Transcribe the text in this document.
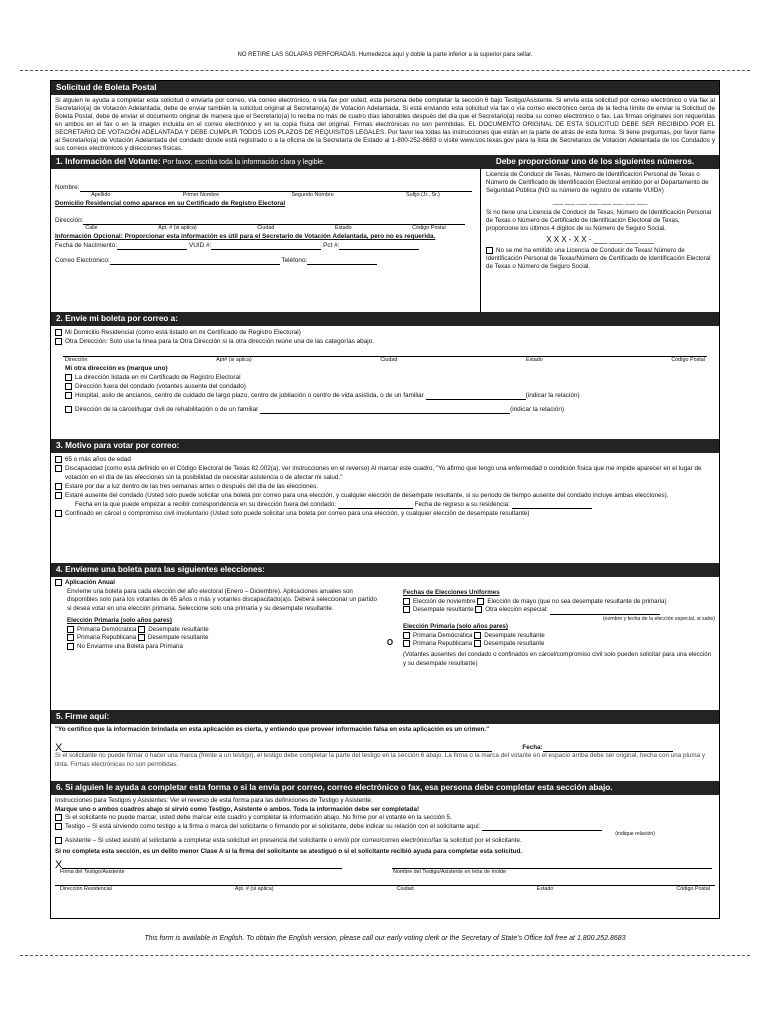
NO RETIRE LAS SOLAPAS PERFORADAS. Humedezca aquí y doble la parte inferior a la superior para sellar.
Solicitud de Boleta Postal
Si alguien le ayuda a completar esta solicitud o enviarla por correo, vía correo electrónico, o vía fax por usted, esta persona debe completar la sección 6 bajo Testigo/Asistente. Si envía esta solicitud por correo electrónico o vía fax al Secretario(a) de Votación Adelantada, debe de enviar también la solicitud original al Secretario(a) de Votación Adelantada. Si está enviando esta solicitud vía fax o vía correo electrónico cerca de la fecha límite de enviar la Solicitud de Boleta Postal, debe de enviar el documento original de manera que el Secretario(a) lo reciba no más de cuatro días laborables después del día que el Secretario(a) reciba su correo electrónico o fax. Las firmas originales son requeridas en ambos en el fax o en la imagen incluida en el correo electrónico y en la copia física del original. Firmas electrónicas no son permitidas. EL DOCUMENTO ORIGINAL DE ESTA SOLICITUD DEBE SER RECIBIDO POR EL SECRETARIO DE VOTACIÓN ADELANTADA Y DEBE CUMPLIR TODOS LOS PLAZOS DE REQUISITOS LEGALES. Por favor lea todas las instrucciones que están en la parte de atrás de esta forma. Si tiene preguntas, por favor llame al Secretario(a) de Votación Adelantada del condado donde está registrado o a la oficina de la Secretaría de Estado al 1-800-252-8683 o visite www.sos.texas.gov para la lista de Secretarios de Votación Adelantada de los Condados y sus correos electrónicos y direcciones físicas.
1. Información del Votante: Por favor, escriba toda la información clara y legible.	Debe proporcionar uno de los siguientes números.
Nombre:
Apellido	Primer Nombre	Segundo Nombre	Sufijo (Jr., Sr.)
Domicilio Residencial como aparece en su Certificado de Registro Electoral
Dirección:
Calle	Apt. # (si aplica)	Ciudad	Estado	Código Postal
Información Opcional: Proporcionar esta información es útil para el Secretario de Votación Adelantada, pero no es requerida.
Fecha de Nacimiento:	VUID #:	Pct #:
Correo Electrónico:	Teléfono:
Licencia de Conducir de Texas, Número de Identificación Personal de Texas o Número de Certificado de Identificación Electoral emitido por el Departamento de Seguridad Pública (NO su número de registro de votante VUID#)
___ ___ ___ ___ ___ ___ ___ ___
Si no tiene una Licencia de Conducir de Texas, Número de Identificación Personal de Texas o Número de Certificado de Identificación Electoral de Texas, proporcione los últimos 4 dígitos de su Número de Seguro Social.
X X X - X X - ___ ___ ___ ___
No se me ha emitido una Licencia de Conducir de Texas/ Número de Identificación Personal de Texas/Número de Certificado de Identificación Electoral de Texas o Número de Seguro Social.
2. Envíe mi boleta por correo a:
Mi Domicilio Residencial (como está listado en mi Certificado de Registro Electoral)
Otra Dirección: Solo use la línea para la Otra Dirección si la otra dirección reúne una de las categorías abajo.
Dirección	Apt# (si aplica)	Ciudad	Estado	Código Postal
Mi otra dirección es (marque uno)
La dirección listada en mi Certificado de Registro Electoral
Dirección fuera del condado (votantes ausente del condado)
Hospital, asilo de ancianos, centro de cuidado de largo plazo, centro de jubilación o centro de vida asistida, o de un familiar	(indicar la relación)
Dirección de la cárcel/lugar civil de rehabilitación o de un familiar	(indicar la relación)
3. Motivo para votar por correo:
65 o más años de edad
Discapacidad (como está definido en el Código Electoral de Texas 82.002(a), ver instrucciones en el reverso) Al marcar este cuadro, "Yo afirmo que tengo una enfermedad o condición física que me impide aparecer en el lugar de votación en el día de las elecciones sin la posibilidad de necesitar asistencia o de afectar mi salud."
Estaré por dar a luz dentro de las tres semanas antes o después del día de las elecciones.
Estaré ausente del condado (Usted solo puede solicitar una boleta por correo para una elección, y cualquier elección de desempate resultante, si su periodo de tiempo ausente del condado incluye ambas elecciones).
Fecha en la que puede empezar a recibir correspondencia en su dirección fuera del condado:	Fecha de regreso a su residencia:
Confinado en cárcel o compromiso civil involuntario (Usted solo puede solicitar una boleta por correo para una elección, y cualquier elección de desempate resultante)
4. Envíeme una boleta para las siguientes elecciones:
Aplicación Anual
Envíeme una boleta para cada elección del año electoral (Enero – Diciembre). Aplicaciones anuales son disponibles solo para los votantes de 65 años o más y votantes discapacitado(a)s. Deberá seleccionar un partido si desea votar en una elección primaria. Seleccione solo una primaria y su desempate resultante.
Elección Primaria (solo años pares)
Primaria Demócratica Desempate resultante
Primaria Republicana Desempate resultante
No Enviarme una Boleta para Primaria	O
Fechas de Elecciones Uniformes
Elección de noviembre Elección de mayo (que no sea desempate resultante de primaria)
Desempate resultante Otra elección especial:
(nombre y fecha de la elección especial, si sabe)
Elección Primaria (solo años pares)
Primaria Demócratica Desempate resultante
Primaria Republicana Desempate resultante
(Votantes ausentes del condado o confinados en cárcel/compromiso civil solo pueden solicitar para una elección y su desempate resultante)
5. Firme aquí:
"Yo certifico que la información brindada en esta aplicación es cierta, y entiendo que proveer información falsa en esta aplicación es un crimen."
X	Fecha:
Si el solicitante no puede firmar o hacer una marca (frente a un testigo), el testigo debe completar la parte del testigo en la sección 6 abajo. La firma o la marca del votante en el espacio arriba debe ser original, hecha con una pluma y tinta. Firmas electrónicas no son permitidas.
6. Si alguien le ayuda a completar esta forma o si la envía por correo, correo electrónico o fax, esa persona debe completar esta sección abajo.
Instrucciones para Testigos y Asistentes: Ver el reverso de esta forma para las definiciones de Testigo y Asistente.
Marque uno o ambos cuadros abajo si sirvió como Testigo, Asistente o ambos. Toda la información debe ser completada!
Si el solicitante no puede marcar, usted debe marcar este cuadro y completar la información abajo. No firme por el votante en la sección 5.
Testigo – Si está sirviendo como testigo a la firma o marca del solicitante o firmando por el solicitante, debe indicar su relación con el solicitante aquí:
(indique relación)
Asistente – Si usted asistió al solicitante a completar esta solicitud en presencia del solicitante o envió por correo/correo electrónico/fax la solicitud por el solicitante.
Si no completa esta sección, es un delito menor Clase A si la firma del solicitante se atestiguó o si el solicitante recibió ayuda para completar esta solicitud.
X
Firma del Testigo/Asistente	Nombre del Testigo/Asistente en letra de molde
Dirección Residencial	Apt. # (si aplica)	Ciudad	Estado	Código Postal
This form is available in English. To obtain the English version, please call our early voting clerk or the Secretary of State's Office toll free at 1.800.252.8683
